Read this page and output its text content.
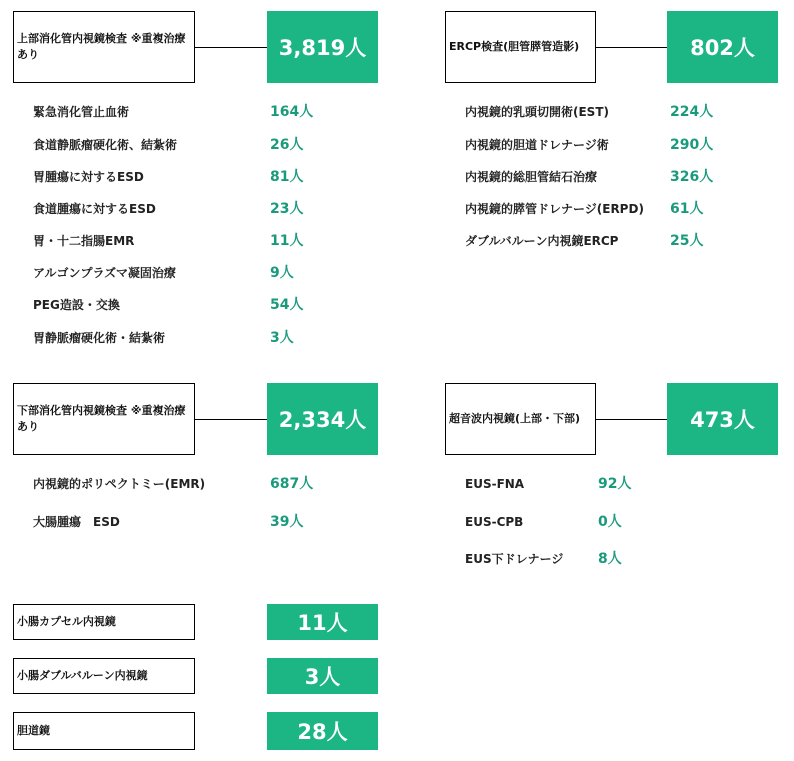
上部消化管内視鏡検査 ※重複治療あり	3,819人
緊急消化管止血術	164人
食道静脈瘤硬化術、結紮術	26人
胃腫瘍に対するESD	81人
食道腫瘍に対するESD	23人
胃・十二指腸EMR	11人
アルゴンプラズマ凝固治療	9人
PEG造設・交換	54人
胃静脈瘤硬化術・結紮術	3人
ERCP検査(胆管膵管造影)	802人
内視鏡的乳頭切開術(EST)	224人
内視鏡的胆道ドレナージ術	290人
内視鏡的総胆管結石治療	326人
内視鏡的膵管ドレナージ(ERPD) 61人
ダブルバルーン内視鏡ERCP	25人
下部消化管内視鏡検査 ※重複治療あり	2,334人
内視鏡的ポリペクトミー(EMR)	687人
大腸腫瘍　ESD	39人
超音波内視鏡(上部・下部)	473人
EUS-FNA	92人
EUS-CPB	0人
EUS下ドレナージ 8人
小腸カプセル内視鏡	11人
小腸ダブルバルーン内視鏡	3人
胆道鏡	28人
